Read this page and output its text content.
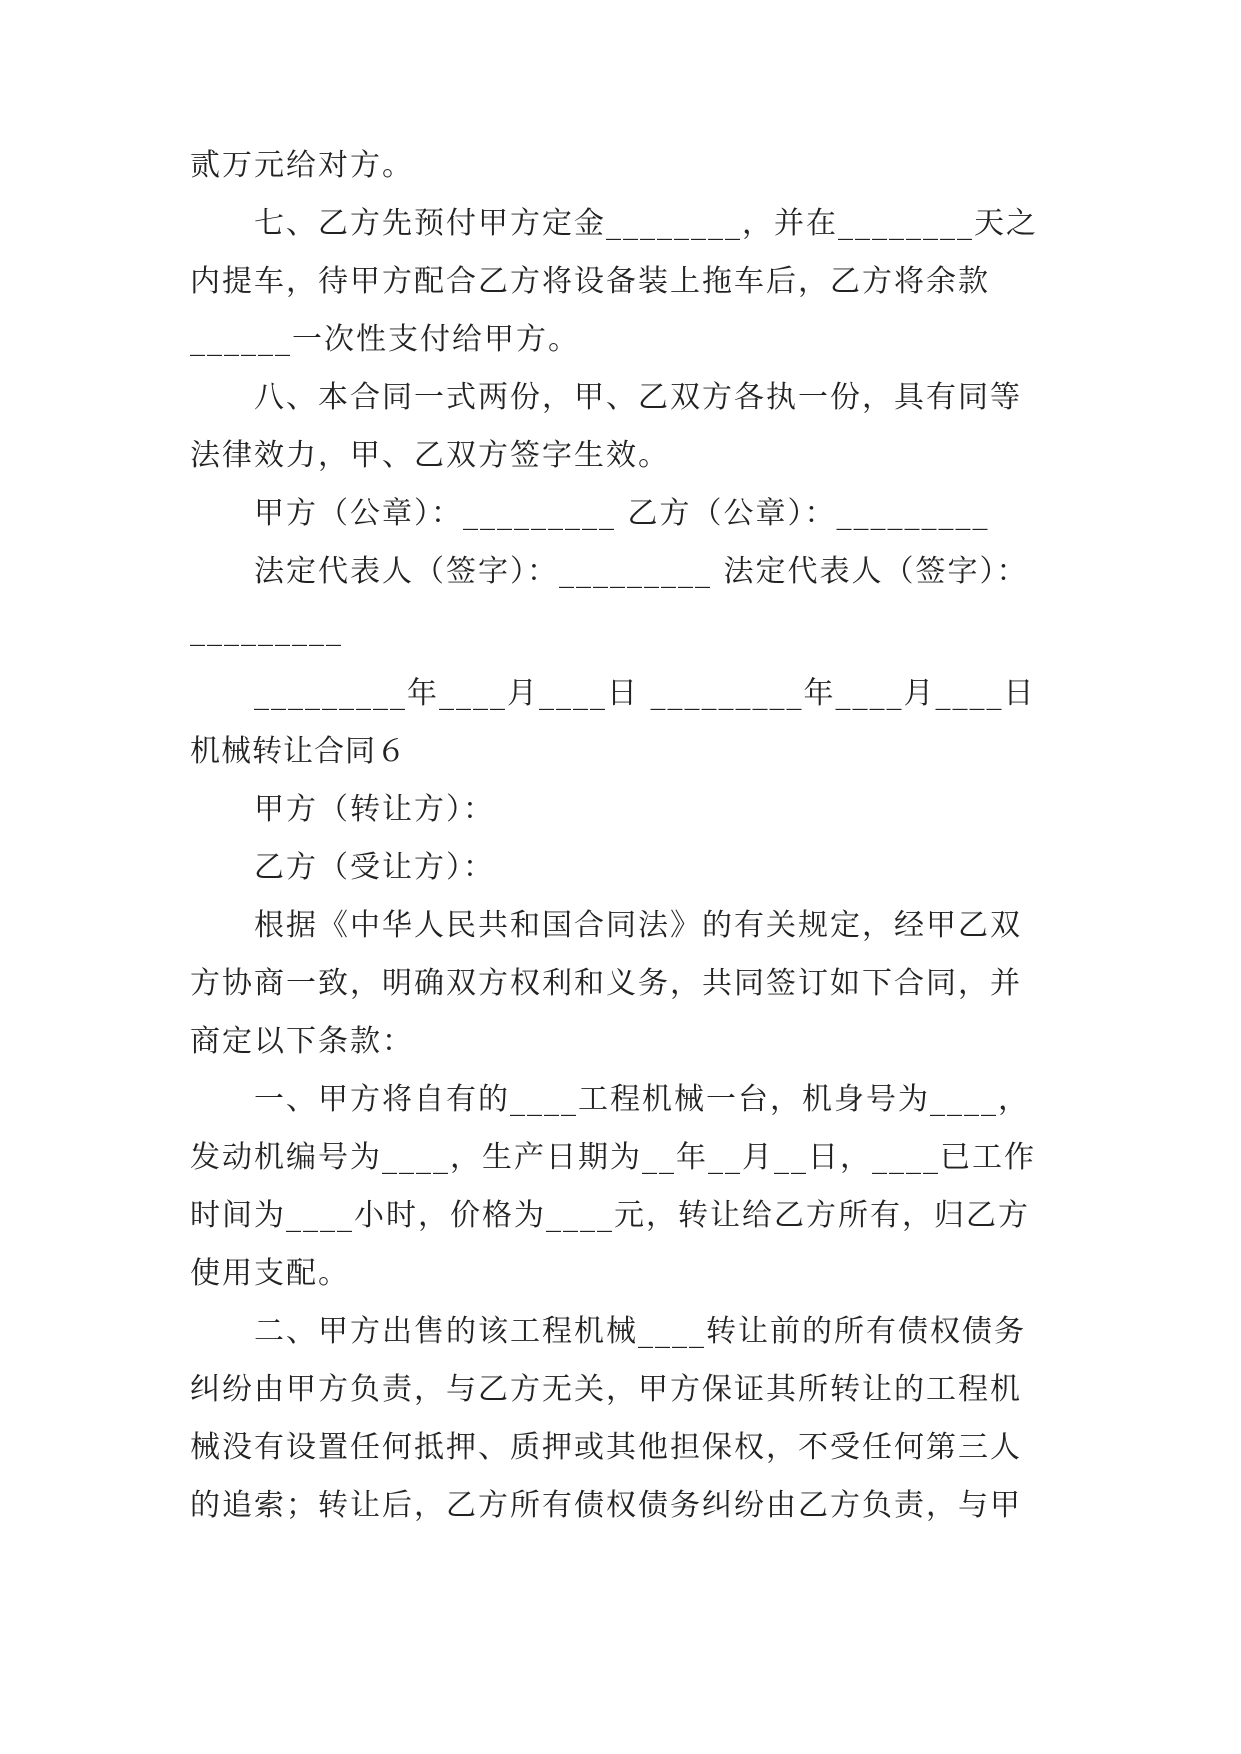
贰万元给对方。
七、乙方先预付甲方定金________，并在________天之
内提车，待甲方配合乙方将设备装上拖车后，乙方将余款
______一次性支付给甲方。
八、本合同一式两份，甲、乙双方各执一份，具有同等
法律效力，甲、乙双方签字生效。
甲方（公章）：_________ 乙方（公章）：_________
法定代表人（签字）：_________ 法定代表人（签字）：
_________
_________年____月____日 _________年____月____日
机械转让合同６
甲方（转让方）：
乙方（受让方）：
根据《中华人民共和国合同法》的有关规定，经甲乙双
方协商一致，明确双方权利和义务，共同签订如下合同，并
商定以下条款：
一、甲方将自有的____工程机械一台，机身号为____，
发动机编号为____，生产日期为__年__月__日，____已工作
时间为____小时，价格为____元，转让给乙方所有，归乙方
使用支配。
二、甲方出售的该工程机械____转让前的所有债权债务
纠纷由甲方负责，与乙方无关，甲方保证其所转让的工程机
械没有设置任何抵押、质押或其他担保权，不受任何第三人
的追索；转让后，乙方所有债权债务纠纷由乙方负责，与甲
